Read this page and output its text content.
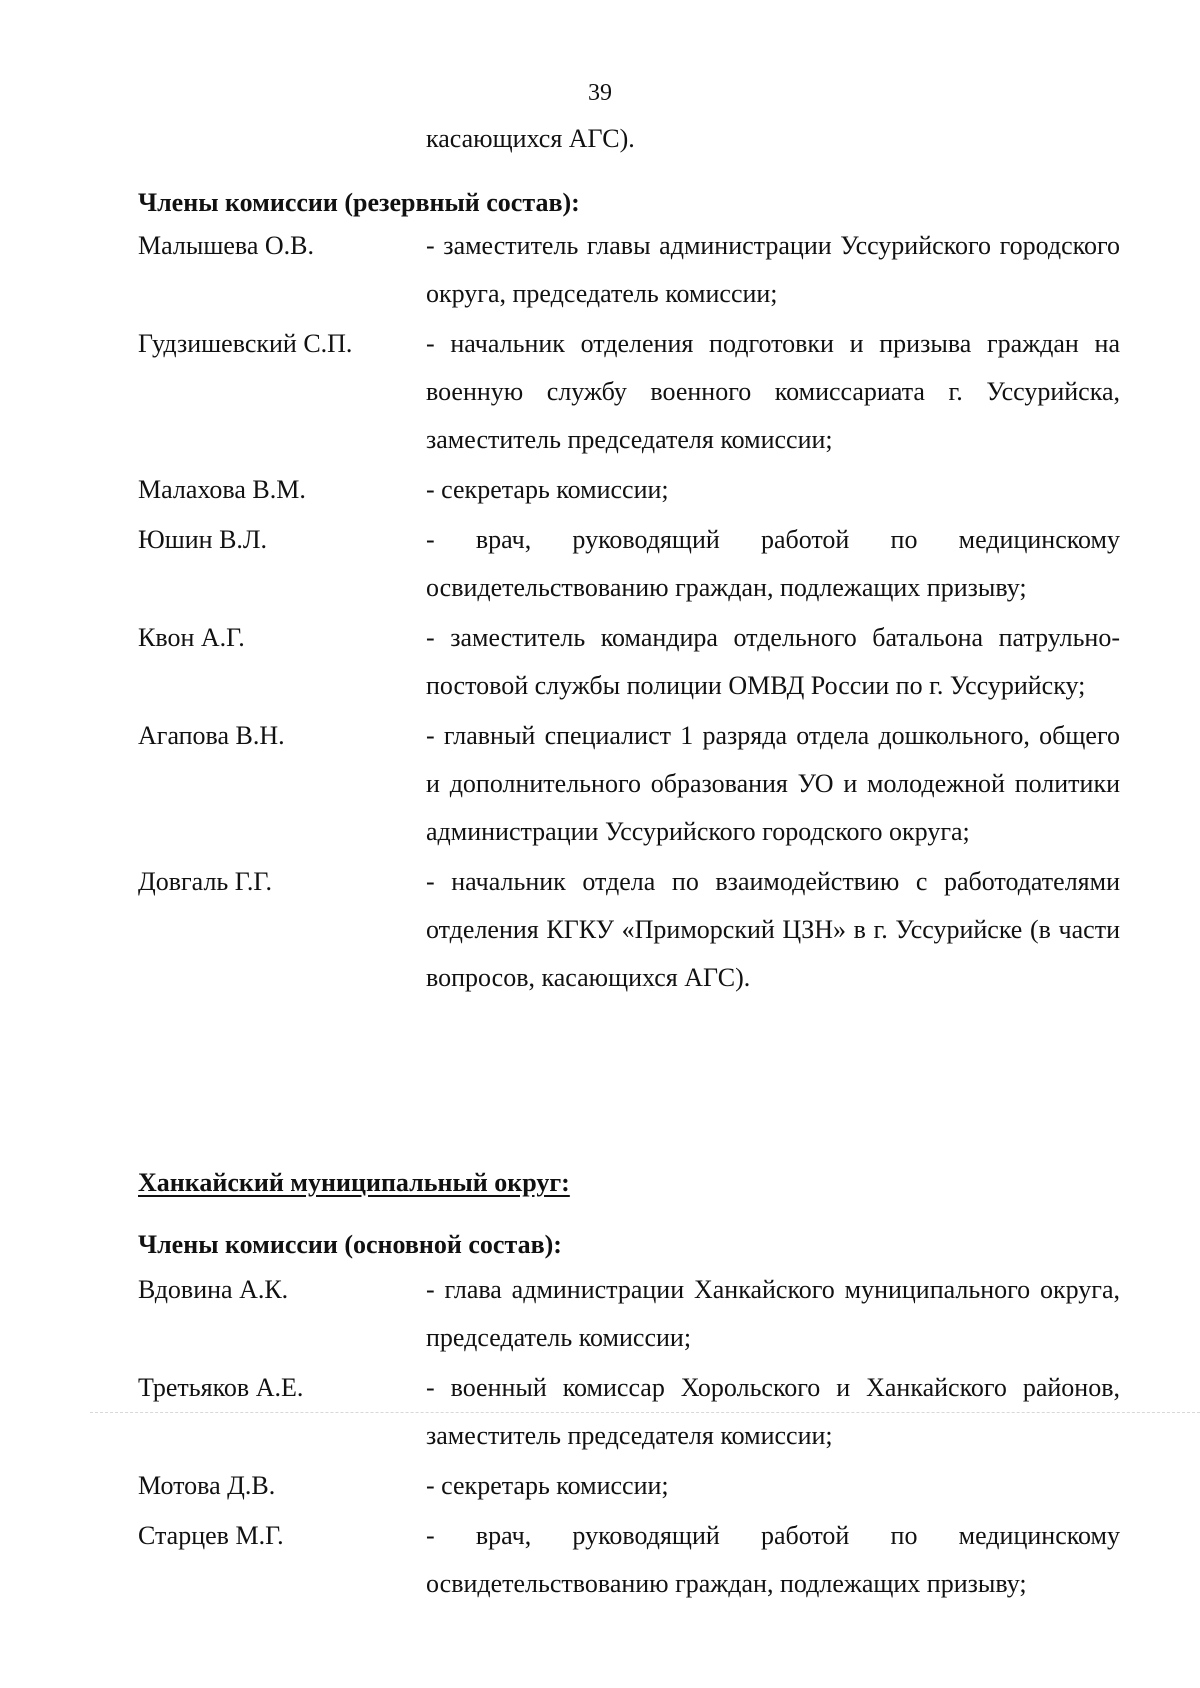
39
касающихся АГС).
Члены комиссии (резервный состав):
Малышева О.В.	- заместитель главы администрации Уссурийского городского округа, председатель комиссии;
Гудзишевский С.П.	- начальник отделения подготовки и призыва граждан на военную службу военного комиссариата г. Уссурийска, заместитель председателя комиссии;
Малахова В.М.	- секретарь комиссии;
Юшин В.Л.	- врач, руководящий работой по медицинскому освидетельствованию граждан, подлежащих призыву;
Квон А.Г.	- заместитель командира отдельного батальона патрульно-постовой службы полиции ОМВД России по г. Уссурийску;
Агапова В.Н.	- главный специалист 1 разряда отдела дошкольного, общего и дополнительного образования УО и молодежной политики администрации Уссурийского городского округа;
Довгаль Г.Г.	- начальник отдела по взаимодействию с работодателями отделения КГКУ «Приморский ЦЗН» в г. Уссурийске (в части вопросов, касающихся АГС).
Ханкайский муниципальный округ:
Члены комиссии (основной состав):
Вдовина А.К.	- глава администрации Ханкайского муниципального округа, председатель комиссии;
Третьяков А.Е.	- военный комиссар Хорольского и Ханкайского районов, заместитель председателя комиссии;
Мотова Д.В.	- секретарь комиссии;
Старцев М.Г.	- врач, руководящий работой по медицинскому освидетельствованию граждан, подлежащих призыву;
